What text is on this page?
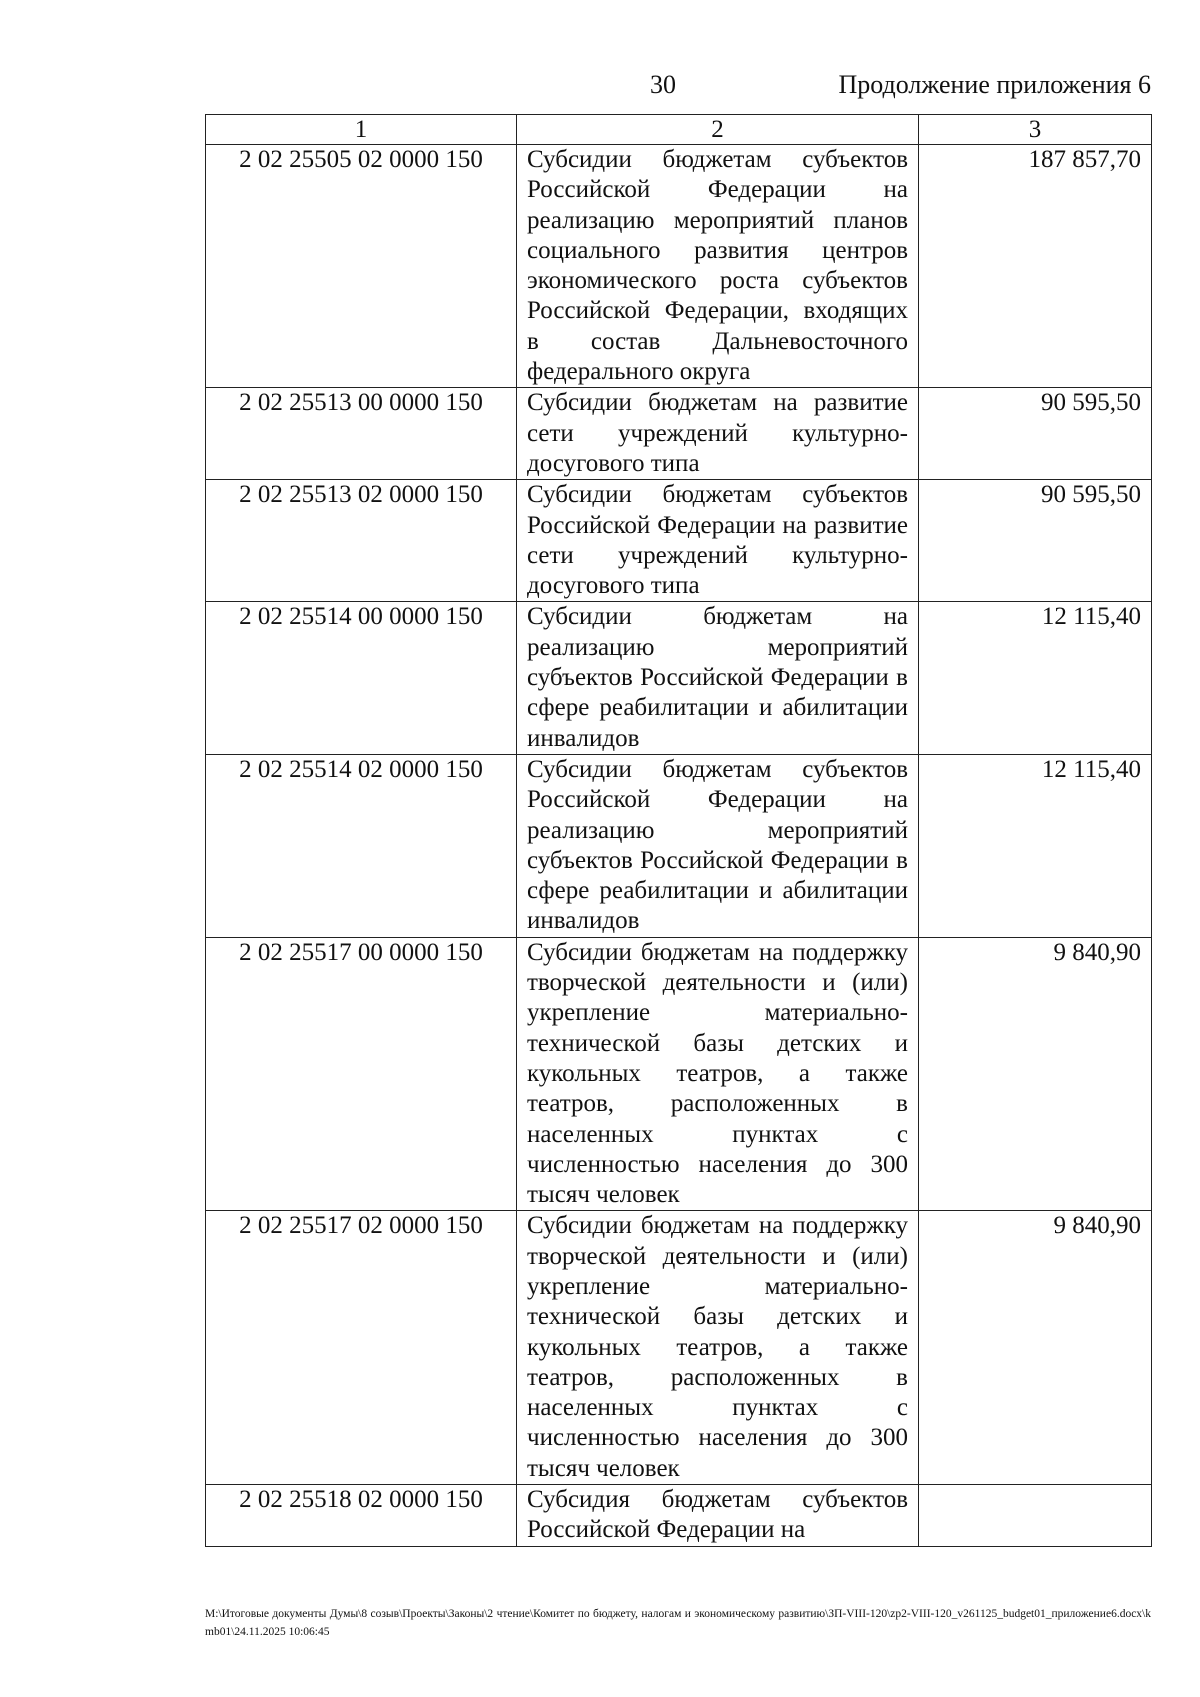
30	Продолжение приложения 6
1	2	3
2 02 25505 02 0000 150	Субсидии бюджетам субъектов Российской Федерации на реализацию мероприятий планов социального развития центров экономического роста субъектов Российской Федерации, входящих в состав Дальневосточного федерального округа	187 857,70
2 02 25513 00 0000 150	Субсидии бюджетам на развитие сети учреждений культурно-досугового типа	90 595,50
2 02 25513 02 0000 150	Субсидии бюджетам субъектов Российской Федерации на развитие сети учреждений культурно-досугового типа	90 595,50
2 02 25514 00 0000 150	Субсидии бюджетам на реализацию мероприятий субъектов Российской Федерации в сфере реабилитации и абилитации инвалидов	12 115,40
2 02 25514 02 0000 150	Субсидии бюджетам субъектов Российской Федерации на реализацию мероприятий субъектов Российской Федерации в сфере реабилитации и абилитации инвалидов	12 115,40
2 02 25517 00 0000 150	Субсидии бюджетам на поддержку творческой деятельности и (или) укрепление материально-технической базы детских и кукольных театров, а также театров, расположенных в населенных пунктах с численностью населения до 300 тысяч человек	9 840,90
2 02 25517 02 0000 150	Субсидии бюджетам на поддержку творческой деятельности и (или) укрепление материально-технической базы детских и кукольных театров, а также театров, расположенных в населенных пунктах с численностью населения до 300 тысяч человек	9 840,90
2 02 25518 02 0000 150	Субсидия бюджетам субъектов Российской Федерации на	
M:\Итоговые документы Думы\8 созыв\Проекты\Законы\2 чтение\Комитет по бюджету, налогам и экономическому развитию\ЗП-VIII-120\zp2-VIII-120_v261125_budget01_приложение6.docx\kmb01\24.11.2025 10:06:45
